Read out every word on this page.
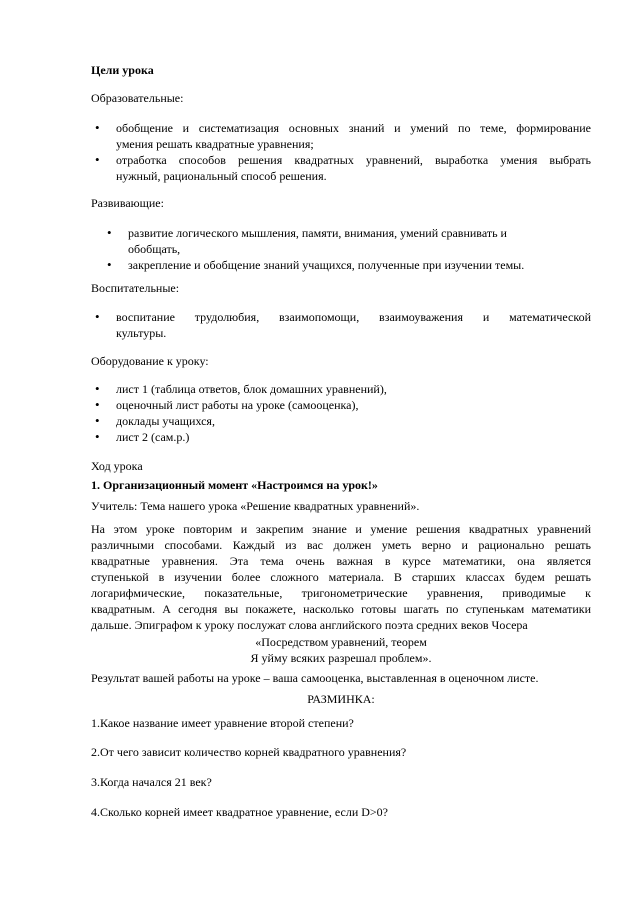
Цели урока
Образовательные:
• обобщение и систематизация основных знаний и умений по теме, формирование
умения решать квадратные уравнения;
• отработка способов решения квадратных уравнений, выработка умения выбрать
нужный, рациональный способ решения.
Развивающие:
• развитие логического мышления, памяти, внимания, умений сравнивать и
обобщать,
• закрепление и обобщение знаний учащихся, полученные при изучении темы.
Воспитательные:
• воспитание трудолюбия, взаимопомощи, взаимоуважения и математической
культуры.
Оборудование к уроку:
• лист 1 (таблица ответов, блок домашних уравнений),
• оценочный лист работы на уроке (самооценка),
• доклады учащихся,
• лист 2 (сам.р.)
Ход урока
1. Организационный момент «Настроимся на урок!»
Учитель: Тема нашего урока «Решение квадратных уравнений».
На этом уроке повторим и закрепим знание и умение решения квадратных уравнений
различными способами. Каждый из вас должен уметь верно и рационально решать
квадратные уравнения. Эта тема очень важная в курсе математики, она является
ступенькой в изучении более сложного материала. В старших классах будем решать
логарифмические, показательные, тригонометрические уравнения, приводимые к
квадратным. А сегодня вы покажете, насколько готовы шагать по ступенькам математики
дальше. Эпиграфом к уроку послужат слова английского поэта средних веков Чосера
«Посредством уравнений, теорем
Я уйму всяких разрешал проблем».
Результат вашей работы на уроке – ваша самооценка, выставленная в оценочном листе.
РАЗМИНКА:
1.Какое название имеет уравнение второй степени?
2.От чего зависит количество корней квадратного уравнения?
3.Когда начался 21 век?
4.Сколько корней имеет квадратное уравнение, если D>0?
